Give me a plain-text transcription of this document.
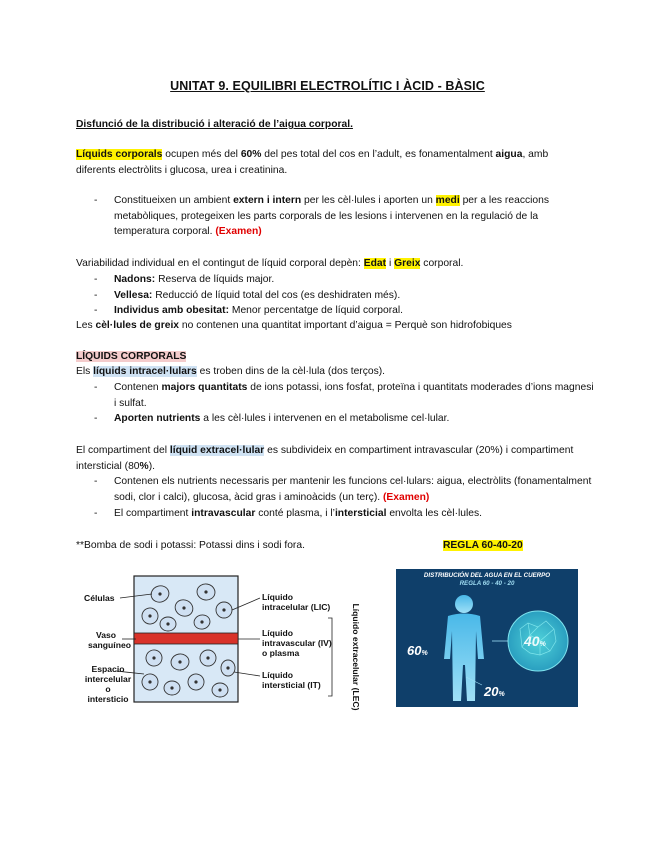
UNITAT 9. EQUILIBRI ELECTROLÍTIC I ÀCID - BÀSIC
Disfunció de la distribució i alteració de l’aigua corporal.
Líquids corporals ocupen més del 60% del pes total del cos en l’adult, es fonamentalment aigua, amb diferents electròlits i glucosa, urea i creatinina.
- Constitueixen un ambient extern i intern per les cèl·lules i aporten un medi per a les reaccions metabòliques, protegeixen les parts corporals de les lesions i intervenen en la regulació de la temperatura corporal. (Examen)
Variabilidad individual en el contingut de líquid corporal depèn: Edat i Greix corporal.
- Nadons: Reserva de líquids major.
- Vellesa: Reducció de líquid total del cos (es deshidraten més).
- Individus amb obesitat: Menor percentatge de líquid corporal.
Les cèl·lules de greix no contenen una quantitat important d’aigua = Perquè son hidrofobiques
LÍQUIDS CORPORALS
Els líquids intracel·lulars es troben dins de la cèl·lula (dos terços).
- Contenen majors quantitats de ions potassi, ions fosfat, proteïna i quantitats moderades d’ions magnesi i sulfat.
- Aporten nutrients a les cèl·lules i intervenen en el metabolisme cel·lular.
El compartiment del líquid extracel·lular es subdivideix en compartiment intravascular (20%) i compartiment intersticial (80%).
- Contenen els nutrients necessaris per mantenir les funcions cel·lulars: aigua, electròlits (fonamentalment sodi, clor i calci), glucosa, àcid gras i aminoàcids (un terç). (Examen)
- El compartiment intravascular conté plasma, i l’intersticial envolta les cèl·lules.
**Bomba de sodi i potassi: Potassi dins i sodi fora.	REGLA 60-40-20
Células
Vaso
sanguíneo
Espacio
intercelular
o intersticio
Líquido
intracelular (LIC)
Líquido
intravascular (IV)
o plasma
Líquido
intersticial (IT)	Líquido extracelular (LEC)
DISTRIBUCIÓN DEL AGUA EN EL CUERPO
REGLA 60 - 40 - 20
60%
40%
20%
